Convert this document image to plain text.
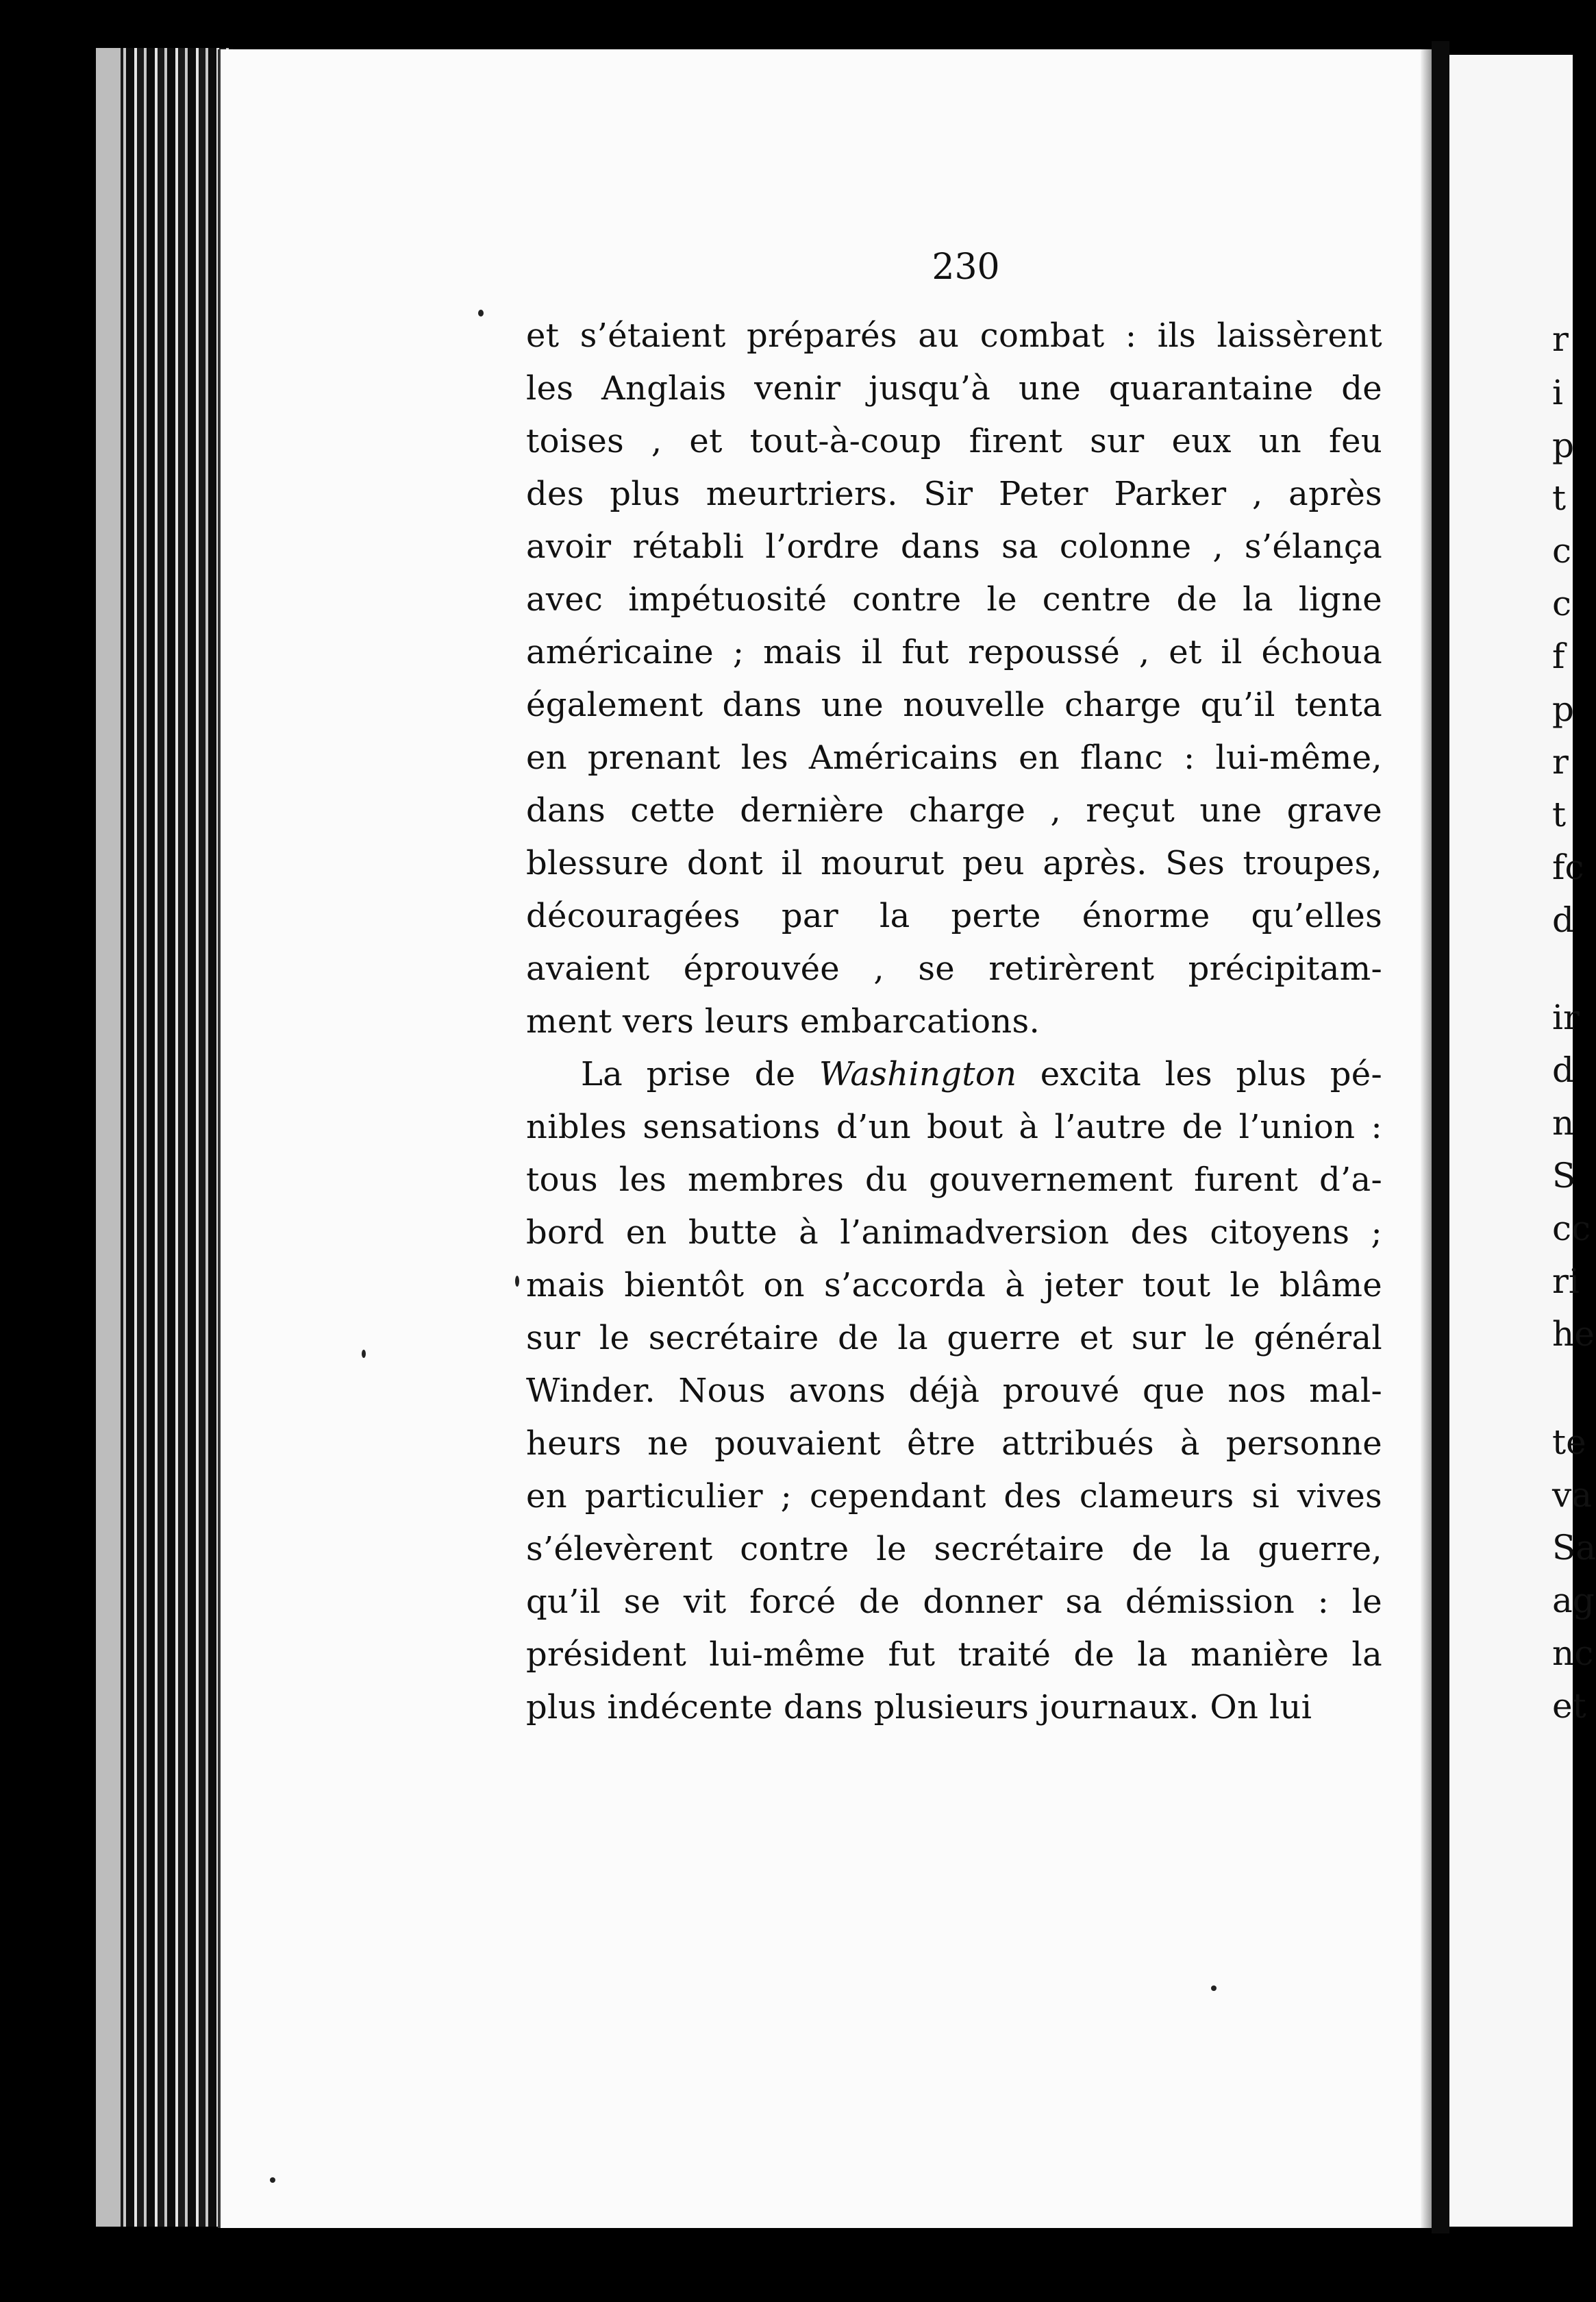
r
i
p
t
c
c
f
p
r
t
fc
d
ir
d
n
S
cc
ri
he
te
va
Sa
ag
nc
et
230
et s’étaient préparés au combat : ils laissèrent
les Anglais venir jusqu’à une quarantaine de
toises , et tout-à-coup firent sur eux un feu
des plus meurtriers. Sir Peter Parker , après
avoir rétabli l’ordre dans sa colonne , s’élança
avec impétuosité contre le centre de la ligne
américaine ; mais il fut repoussé , et il échoua
également dans une nouvelle charge qu’il tenta
en prenant les Américains en flanc : lui-même,
dans cette dernière charge , reçut une grave
blessure dont il mourut peu après. Ses troupes,
découragées par la perte énorme qu’elles
avaient éprouvée , se retirèrent précipitam-
ment vers leurs embarcations.
La prise de Washington excita les plus pé-
nibles sensations d’un bout à l’autre de l’union :
tous les membres du gouvernement furent d’a-
bord en butte à l’animadversion des citoyens ;
mais bientôt on s’accorda à jeter tout le blâme
sur le secrétaire de la guerre et sur le général
Winder. Nous avons déjà prouvé que nos mal-
heurs ne pouvaient être attribués à personne
en particulier ; cependant des clameurs si vives
s’élevèrent contre le secrétaire de la guerre,
qu’il se vit forcé de donner sa démission : le
président lui-même fut traité de la manière la
plus indécente dans plusieurs journaux. On lui
